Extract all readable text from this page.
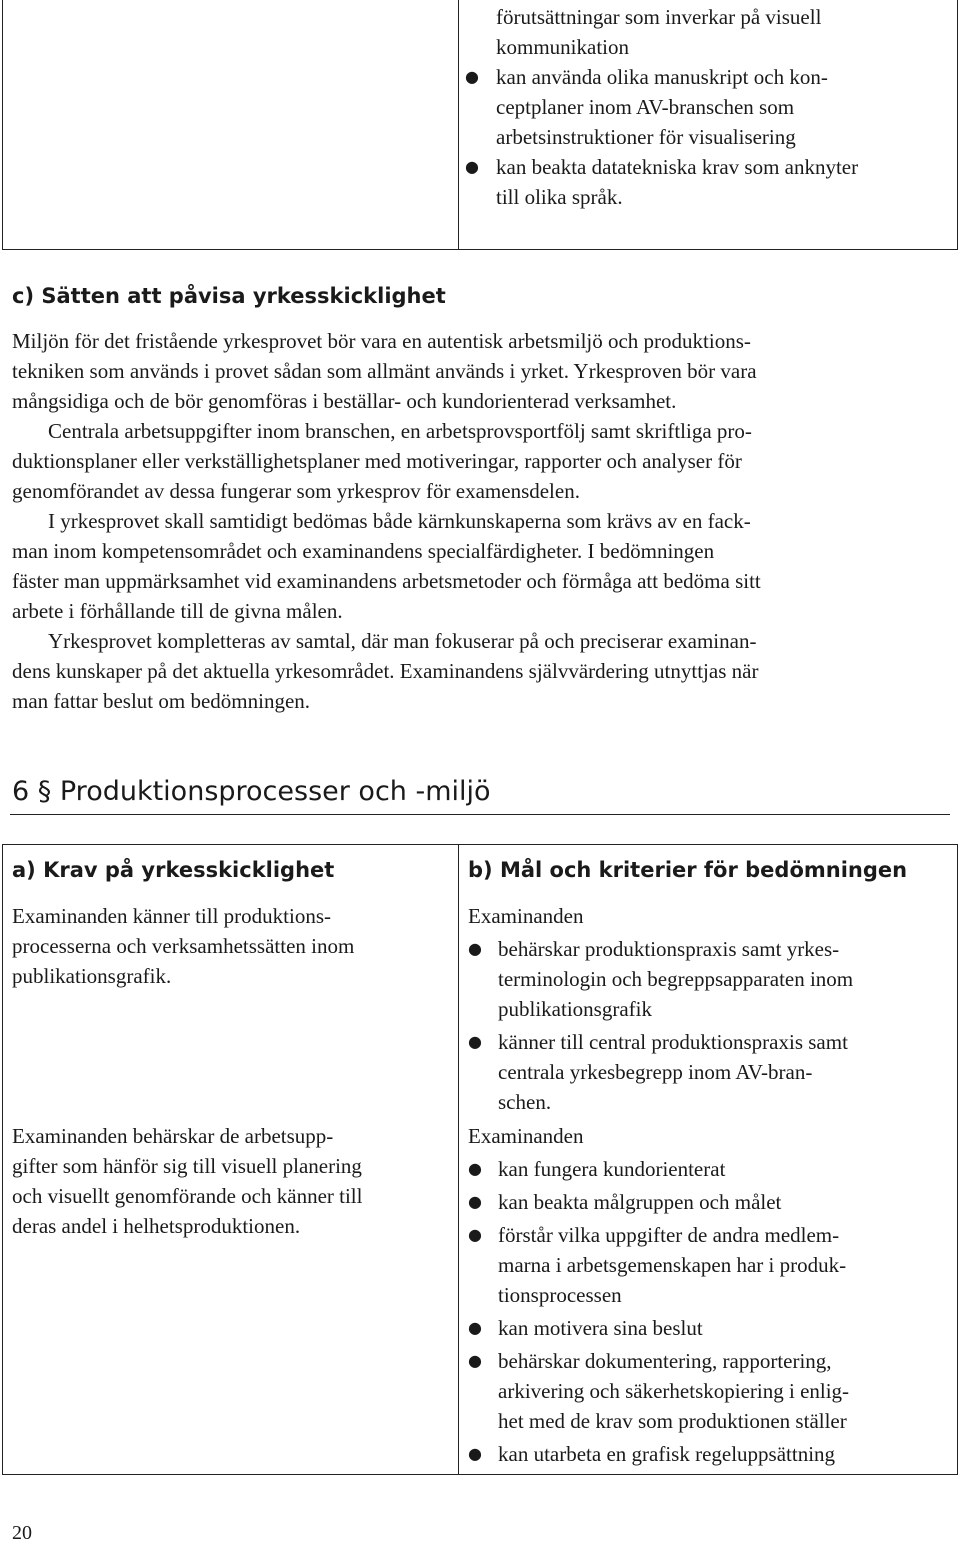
förutsättningar som inverkar på visuell
kommunikation
● kan använda olika manuskript och kon-
ceptplaner inom AV-branschen som
arbetsinstruktioner för visualisering
● kan beakta datatekniska krav som anknyter
till olika språk.
c) Sätten att påvisa yrkesskicklighet
Miljön för det fristående yrkesprovet bör vara en autentisk arbetsmiljö och produktions-
tekniken som används i provet sådan som allmänt används i yrket. Yrkesproven bör vara
mångsidiga och de bör genomföras i beställar- och kundorienterad verksamhet.
Centrala arbetsuppgifter inom branschen, en arbetsprovsportfölj samt skriftliga pro-
duktionsplaner eller verkställighetsplaner med motiveringar, rapporter och analyser för
genomförandet av dessa fungerar som yrkesprov för examensdelen.
I yrkesprovet skall samtidigt bedömas både kärnkunskaperna som krävs av en fack-
man inom kompetensområdet och examinandens specialfärdigheter. I bedömningen
fäster man uppmärksamhet vid examinandens arbetsmetoder och förmåga att bedöma sitt
arbete i förhållande till de givna målen.
Yrkesprovet kompletteras av samtal, där man fokuserar på och preciserar examinan-
dens kunskaper på det aktuella yrkesområdet. Examinandens självvärdering utnyttjas när
man fattar beslut om bedömningen.
6 § Produktionsprocesser och -miljö
a) Krav på yrkesskicklighet	b) Mål och kriterier för bedömningen
Examinanden känner till produktions-
processerna och verksamhetssätten inom
publikationsgrafik.
Examinanden
● behärskar produktionspraxis samt yrkes-
terminologin och begreppsapparaten inom
publikationsgrafik
● känner till central produktionspraxis samt
centrala yrkesbegrepp inom AV-bran-
schen.
Examinanden behärskar de arbetsupp-
gifter som hänför sig till visuell planering
och visuellt genomförande och känner till
deras andel i helhetsproduktionen.
Examinanden
● kan fungera kundorienterat
● kan beakta målgruppen och målet
● förstår vilka uppgifter de andra medlem-
marna i arbetsgemenskapen har i produk-
tionsprocessen
● kan motivera sina beslut
● behärskar dokumentering, rapportering,
arkivering och säkerhetskopiering i enlig-
het med de krav som produktionen ställer
● kan utarbeta en grafisk regeluppsättning
20
